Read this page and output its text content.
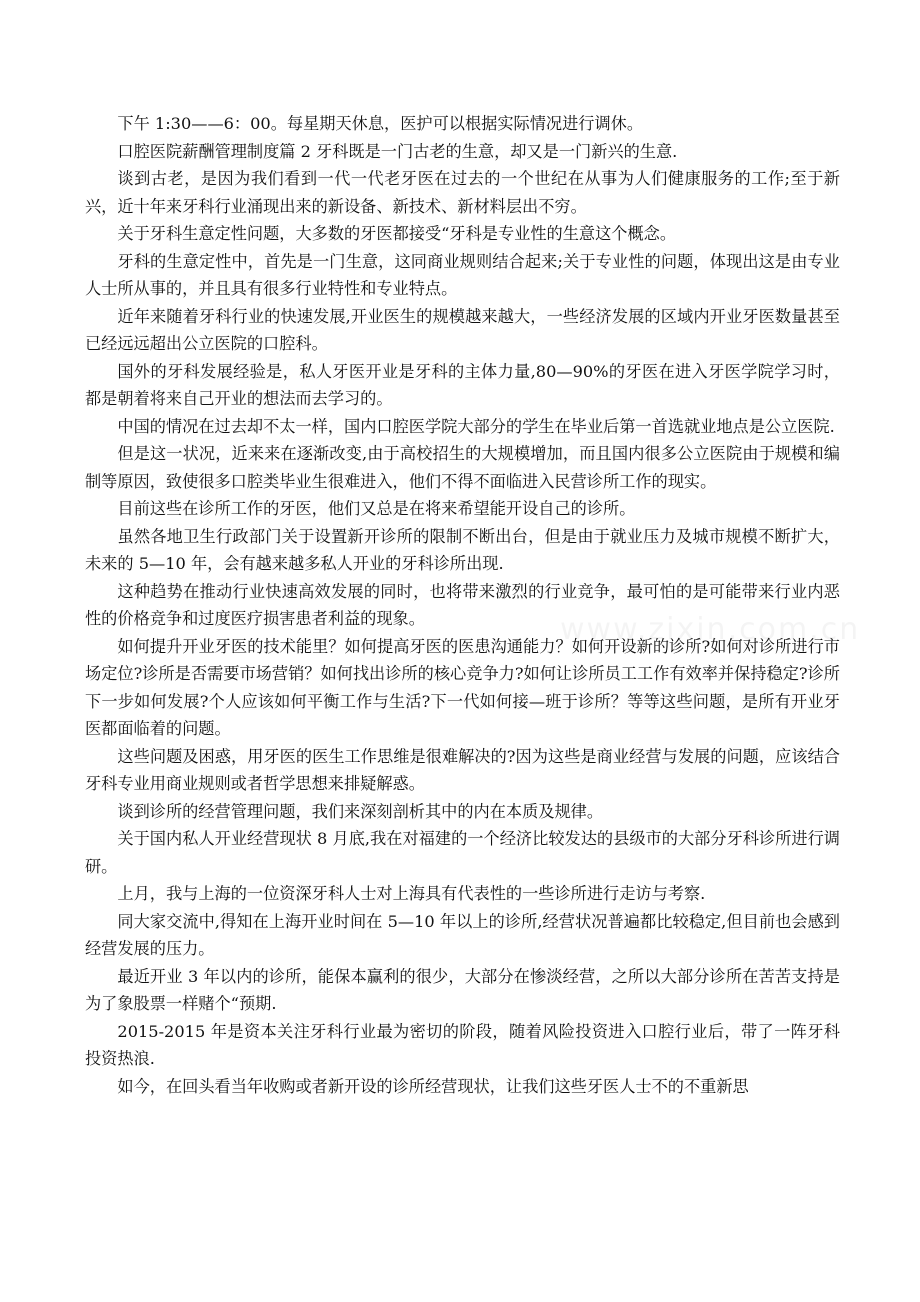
下午 1:30——6：00。每星期天休息，医护可以根据实际情况进行调休。

口腔医院薪酬管理制度篇 2 牙科既是一门古老的生意，却又是一门新兴的生意.

谈到古老，是因为我们看到一代一代老牙医在过去的一个世纪在从事为人们健康服务的工作;至于新兴，近十年来牙科行业涌现出来的新设备、新技术、新材料层出不穷。

关于牙科生意定性问题，大多数的牙医都接受“牙科是专业性的生意这个概念。

牙科的生意定性中，首先是一门生意，这同商业规则结合起来;关于专业性的问题，体现出这是由专业人士所从事的，并且具有很多行业特性和专业特点。

近年来随着牙科行业的快速发展,开业医生的规模越来越大，一些经济发展的区域内开业牙医数量甚至已经远远超出公立医院的口腔科。

国外的牙科发展经验是，私人牙医开业是牙科的主体力量,80—90%的牙医在进入牙医学院学习时，都是朝着将来自己开业的想法而去学习的。

中国的情况在过去却不太一样，国内口腔医学院大部分的学生在毕业后第一首选就业地点是公立医院.

但是这一状况，近来来在逐渐改变,由于高校招生的大规模增加，而且国内很多公立医院由于规模和编制等原因，致使很多口腔类毕业生很难进入，他们不得不面临进入民营诊所工作的现实。

目前这些在诊所工作的牙医，他们又总是在将来希望能开设自己的诊所。

虽然各地卫生行政部门关于设置新开诊所的限制不断出台，但是由于就业压力及城市规模不断扩大，未来的 5—10 年，会有越来越多私人开业的牙科诊所出现.

这种趋势在推动行业快速高效发展的同时，也将带来激烈的行业竞争，最可怕的是可能带来行业内恶性的价格竞争和过度医疗损害患者利益的现象。

如何提升开业牙医的技术能里？如何提高牙医的医患沟通能力？如何开设新的诊所?如何对诊所进行市场定位?诊所是否需要市场营销？如何找出诊所的核心竞争力?如何让诊所员工工作有效率并保持稳定?诊所下一步如何发展?个人应该如何平衡工作与生活?下一代如何接—班于诊所？等等这些问题，是所有开业牙医都面临着的问题。

这些问题及困惑，用牙医的医生工作思维是很难解决的?因为这些是商业经营与发展的问题，应该结合牙科专业用商业规则或者哲学思想来排疑解惑。

谈到诊所的经营管理问题，我们来深刻剖析其中的内在本质及规律。

关于国内私人开业经营现状 8 月底,我在对福建的一个经济比较发达的县级市的大部分牙科诊所进行调研。

上月，我与上海的一位资深牙科人士对上海具有代表性的一些诊所进行走访与考察.

同大家交流中,得知在上海开业时间在 5—10 年以上的诊所,经营状况普遍都比较稳定,但目前也会感到经营发展的压力。

最近开业 3 年以内的诊所，能保本赢利的很少，大部分在惨淡经营，之所以大部分诊所在苦苦支持是为了象股票一样赌个“预期.

2015-2015 年是资本关注牙科行业最为密切的阶段，随着风险投资进入口腔行业后，带了一阵牙科投资热浪.

如今，在回头看当年收购或者新开设的诊所经营现状，让我们这些牙医人士不的不重新思
